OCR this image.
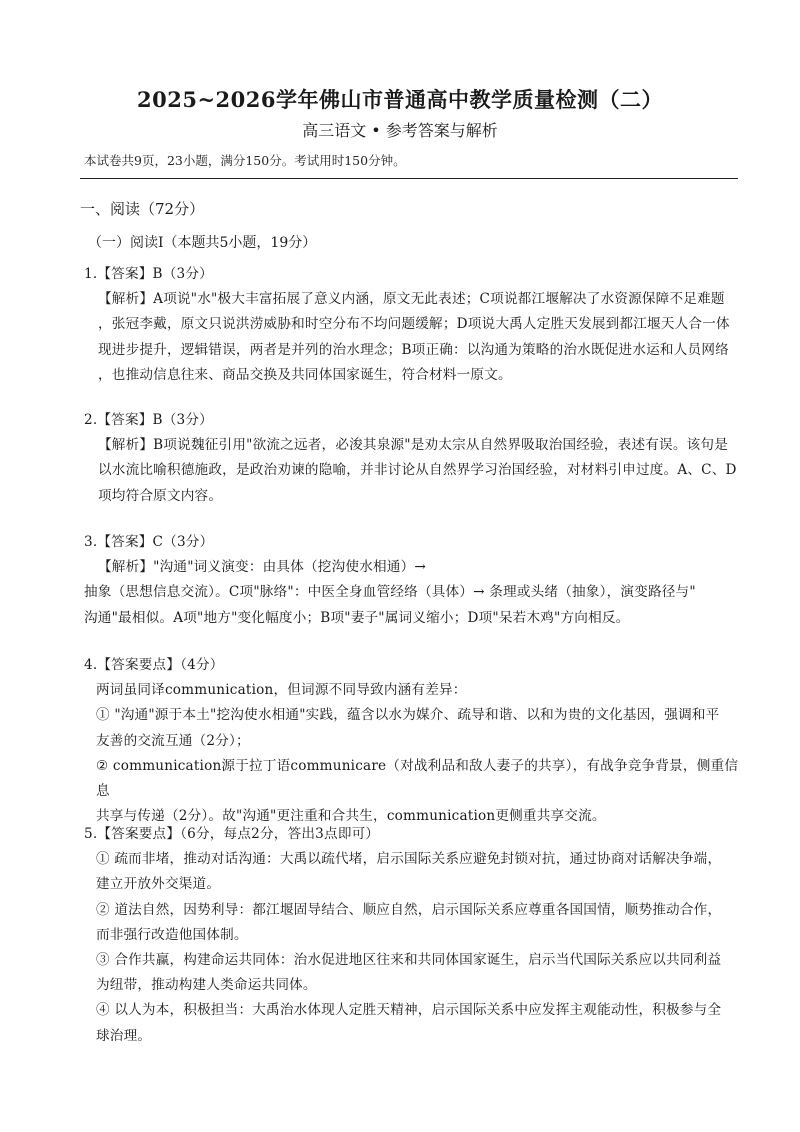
2025~2026学年佛山市普通高中教学质量检测（二）
高三语文 • 参考答案与解析
本试卷共9页，23小题，满分150分。考试用时150分钟。
一、阅读（72分）
（一）阅读Ⅰ（本题共5小题，19分）

1.【答案】B（3分）

【解析】A项说"水"极大丰富拓展了意义内涵，原文无此表述；C项说都江堰解决了水资源保障不足难题

，张冠李戴，原文只说洪涝威胁和时空分布不均问题缓解；D项说大禹人定胜天发展到都江堰天人合一体

现进步提升，逻辑错误，两者是并列的治水理念；B项正确：以沟通为策略的治水既促进水运和人员网络

，也推动信息往来、商品交换及共同体国家诞生，符合材料一原文。

2.【答案】B（3分）

【解析】B项说魏征引用"欲流之远者，必浚其泉源"是劝太宗从自然界吸取治国经验，表述有误。该句是

以水流比喻积德施政，是政治劝谏的隐喻，并非讨论从自然界学习治国经验，对材料引申过度。A、C、D

项均符合原文内容。

3.【答案】C（3分）

【解析】"沟通"词义演变：由具体（挖沟使水相通）→

抽象（思想信息交流）。C项"脉络"：中医全身血管经络（具体）→ 条理或头绪（抽象），演变路径与"

沟通"最相似。A项"地方"变化幅度小；B项"妻子"属词义缩小；D项"呆若木鸡"方向相反。

4.【答案要点】（4分）

两词虽同译communication，但词源不同导致内涵有差异：

① "沟通"源于本土"挖沟使水相通"实践，蕴含以水为媒介、疏导和谐、以和为贵的文化基因，强调和平

友善的交流互通（2分）；

② communication源于拉丁语communicare（对战利品和敌人妻子的共享），有战争竞争背景，侧重信息

共享与传递（2分）。故"沟通"更注重和合共生，communication更侧重共享交流。

5.【答案要点】（6分，每点2分，答出3点即可）

① 疏而非堵，推动对话沟通：大禹以疏代堵，启示国际关系应避免封锁对抗，通过协商对话解决争端，

建立开放外交渠道。

② 道法自然，因势利导：都江堰固导结合、顺应自然，启示国际关系应尊重各国国情，顺势推动合作，

而非强行改造他国体制。

③ 合作共赢，构建命运共同体：治水促进地区往来和共同体国家诞生，启示当代国际关系应以共同利益

为纽带，推动构建人类命运共同体。

④ 以人为本，积极担当：大禹治水体现人定胜天精神，启示国际关系中应发挥主观能动性，积极参与全

球治理。
